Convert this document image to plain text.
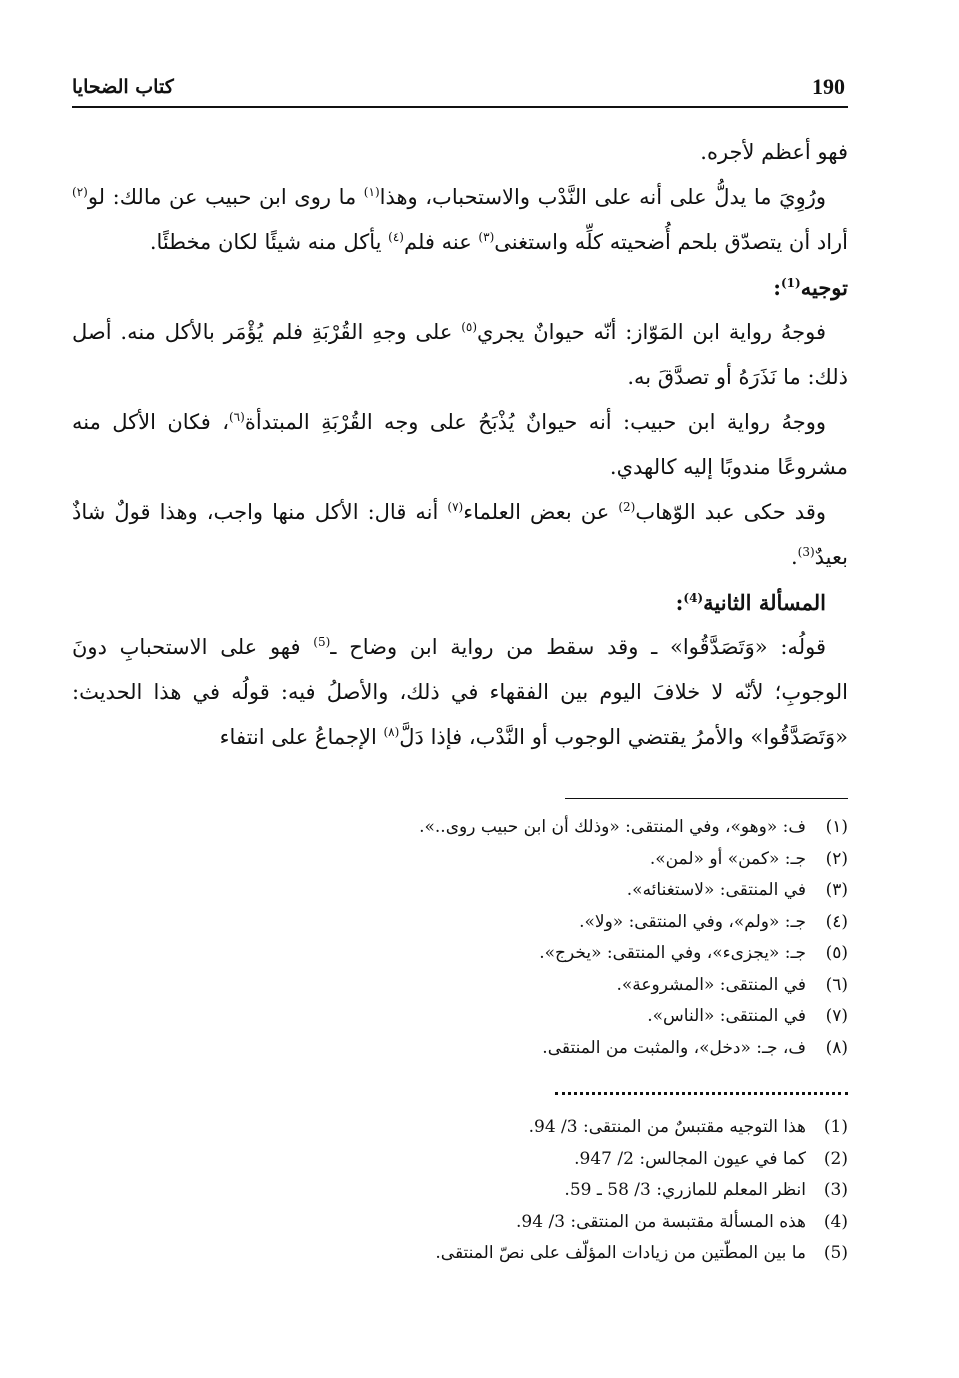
190
كتاب الضحايا

فهو أعظم لأجره.

ورُوِيَ ما يدلُّ على أنه على النَّدْب والاستحباب، وهذا$^{(١)}$ ما روى ابن حبيب عن مالك: لو$^{(٢)}$ أراد أن يتصدّق بلحم أُضحيته كلِّه واستغنى$^{(٣)}$ عنه فلم$^{(٤)}$ يأكل منه شيئًا لكان مخطئًا.

توجيه$^{(1)}$:

فوجهُ رواية ابن المَوّاز: أنّه حيوانٌ يجري$^{(٥)}$ على وجهِ القُرْبَةِ فلم يُؤْمَر بالأكل منه. أصل ذلك: ما نَذَرَهُ أو تصدَّقَ به.

ووجهُ رواية ابن حبيب: أنه حيوانٌ يُذْبَحُ على وجه القُرْبَةِ المبتدأة$^{(٦)}$، فكان الأكل منه مشروعًا مندوبًا إليه كالهدي.

وقد حكى عبد الوّهاب$^{(2)}$ عن بعض العلماء$^{(٧)}$ أنه قال: الأكل منها واجب، وهذا قولٌ شاذٌ بعيدٌ$^{(3)}$.

المسألة الثانية$^{(4)}$:

قولُه: «وَتَصَدَّقُوا» ـ وقد سقط من رواية ابن وضاح ـ$^{(5)}$ فهو على الاستحبابِ دونَ الوجوبِ؛ لأنّه لا خلافَ اليوم بين الفقهاء في ذلك، والأصلُ فيه: قولُه في هذا الحديث: «وَتَصَدَّقُوا» والأمرُ يقتضي الوجوب أو النَّدْب، فإذا دَلَّ$^{(٨)}$ الإجماعُ على انتفاء

(١)
ف: «وهو»، وفي المنتقى: «وذلك أن ابن حبيب روى..».
(٢)
جـ: «كمن» أو «لمن».
(٣)
في المنتقى: «لاستغنائه».
(٤)
جـ: «ولم»، وفي المنتقى: «ولا».
(٥)
جـ: «يجزىء»، وفي المنتقى: «يخرج».
(٦)
في المنتقى: «المشروعة».
(٧)
في المنتقى: «الناس».
(٨)
ف، جـ: «دخل»، والمثبت من المنتقى.
(1)
هذا التوجيه مقتبسٌ من المنتقى: 3/ 94.
(2)
كما في عيون المجالس: 2/ 947.
(3)
انظر المعلم للمازري: 3/ 58 ـ 59.
(4)
هذه المسألة مقتبسة من المنتقى: 3/ 94.
(5)
ما بين المطّتين من زيادات المؤلّف على نصّ المنتقى.
